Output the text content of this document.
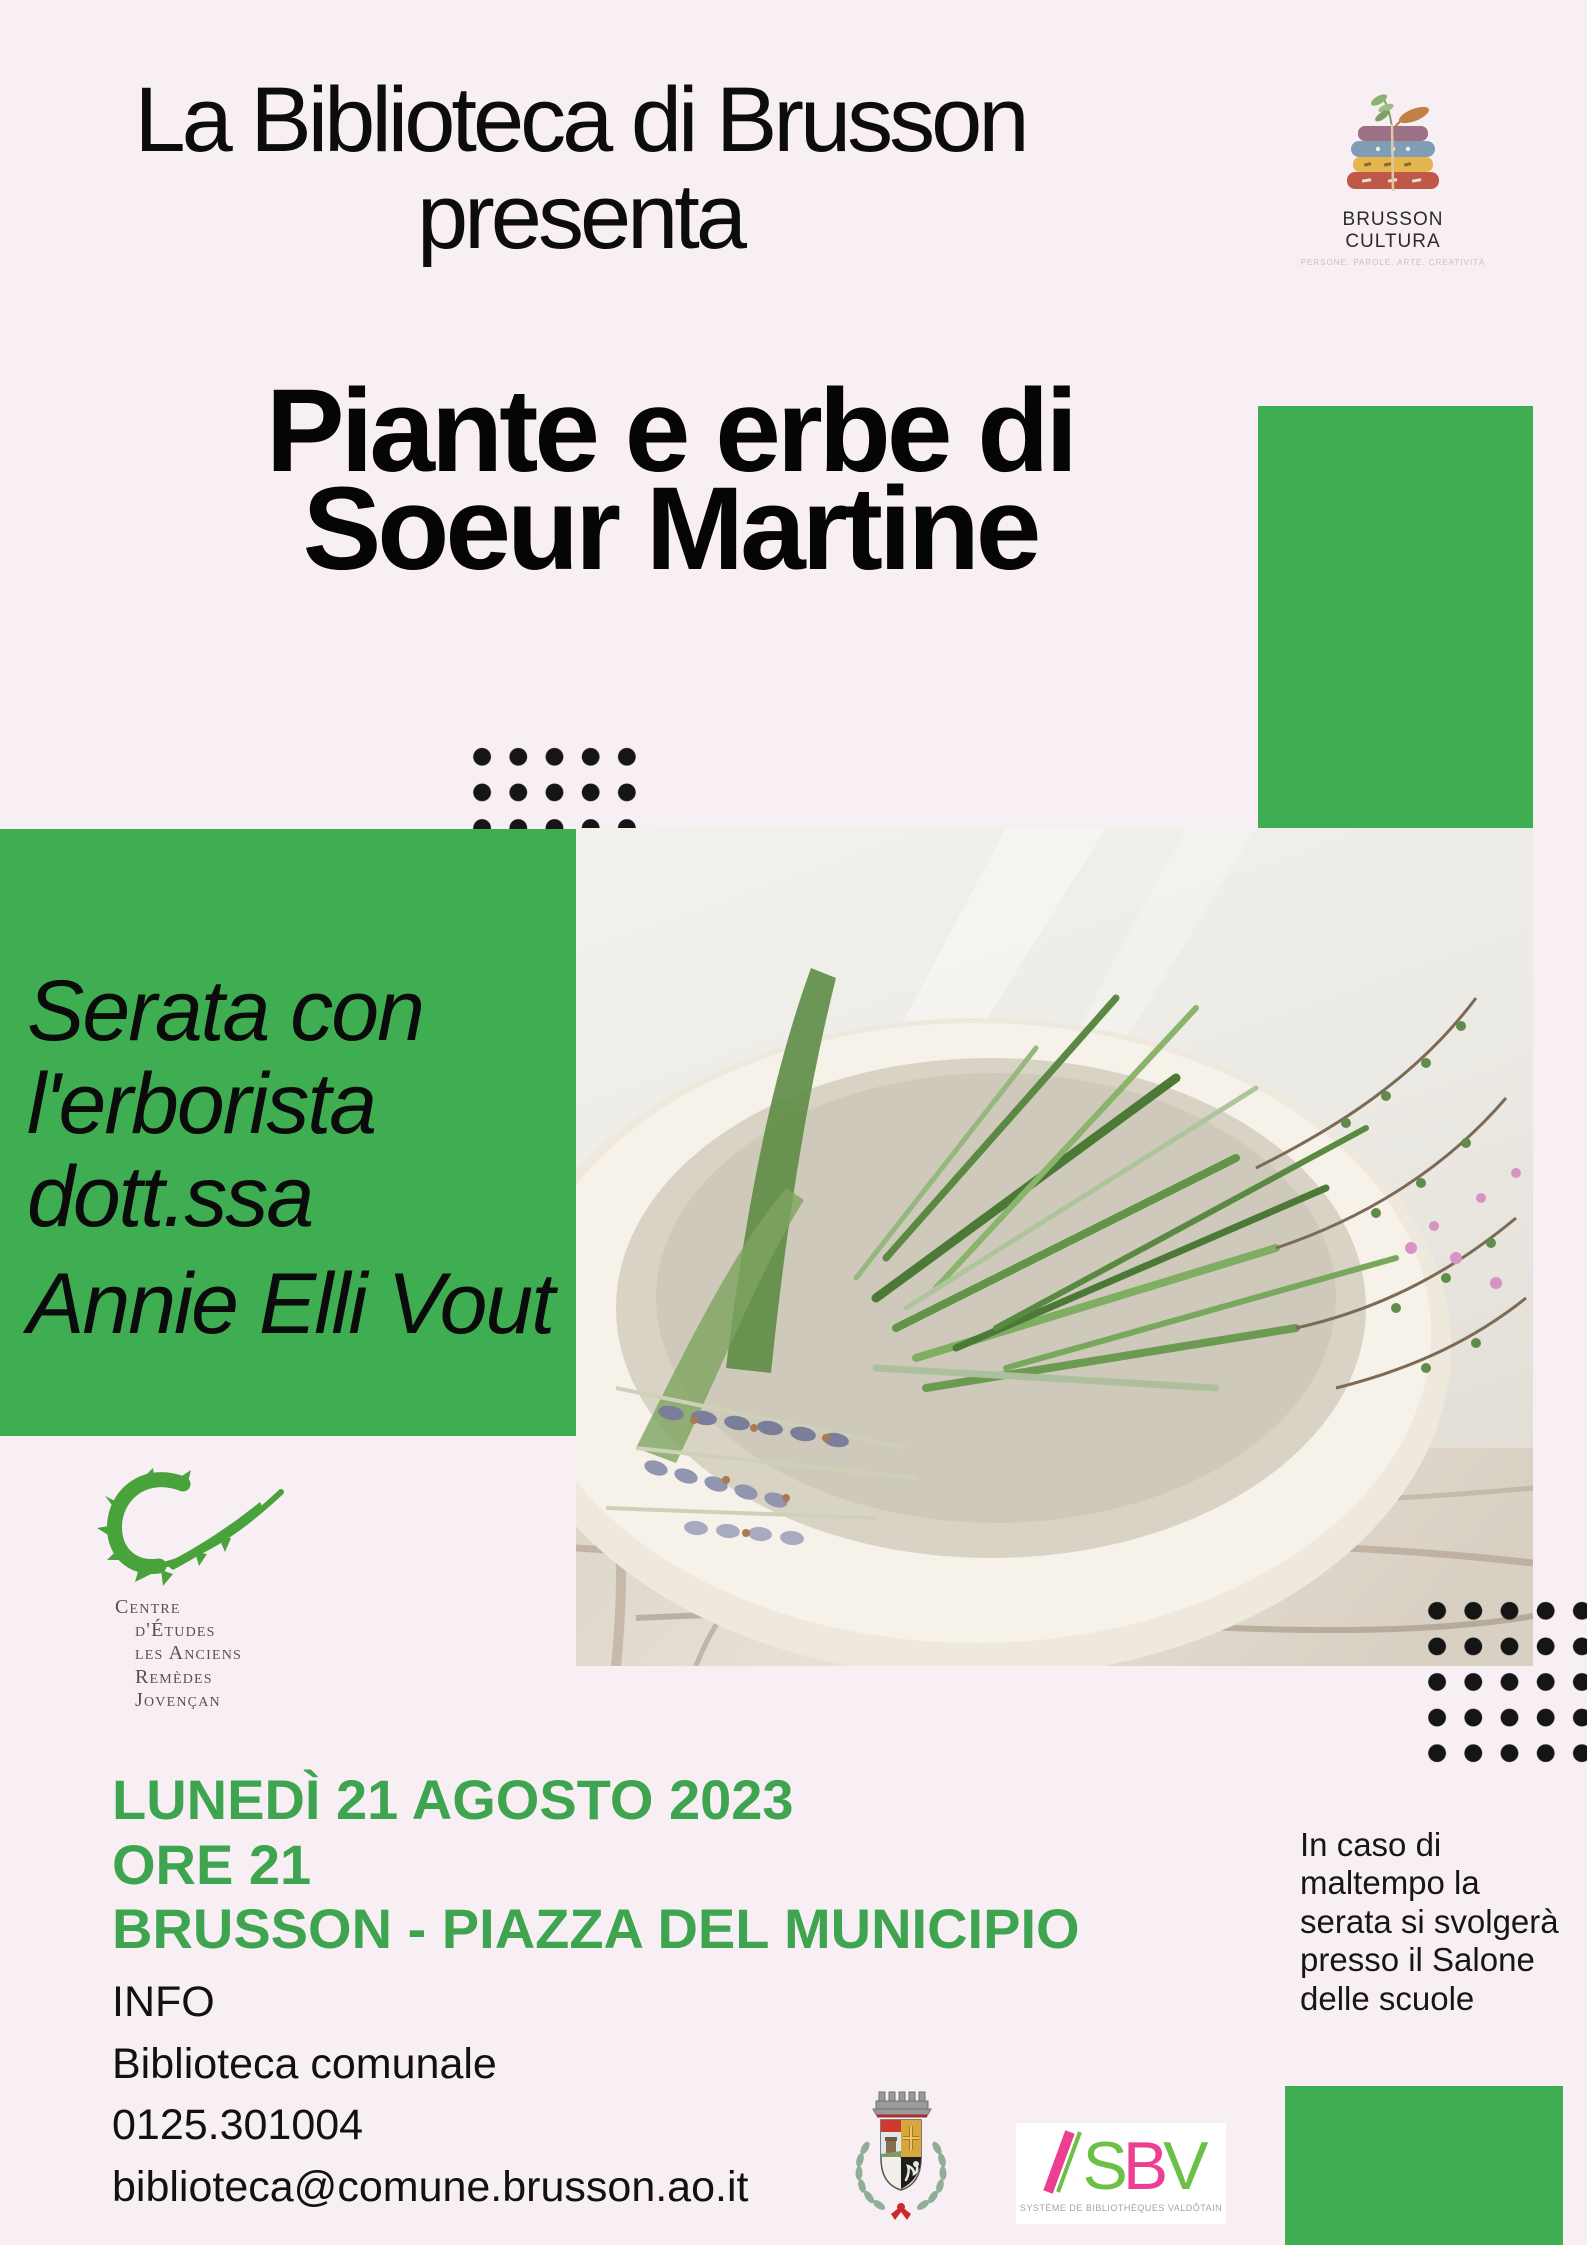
La Biblioteca di Brusson
presenta	BRUSSON CULTURA
PERSONE. PAROLE. ARTE. CREATIVITÀ
Piante e erbe di
Soeur Martine
Serata con
l'erborista
dott.ssa
Annie Elli Vout
Centre
d'Études
les Anciens
Remèdes
Jovençan
LUNEDÌ 21 AGOSTO 2023
ORE 21
BRUSSON - PIAZZA DEL MUNICIPIO
INFO
Biblioteca comunale
0125.301004
biblioteca@comune.brusson.ao.it
In caso di maltempo la serata si svolgerà presso il Salone delle scuole
SBV
SYSTÈME DE BIBLIOTHÈQUES VALDÔTAIN
